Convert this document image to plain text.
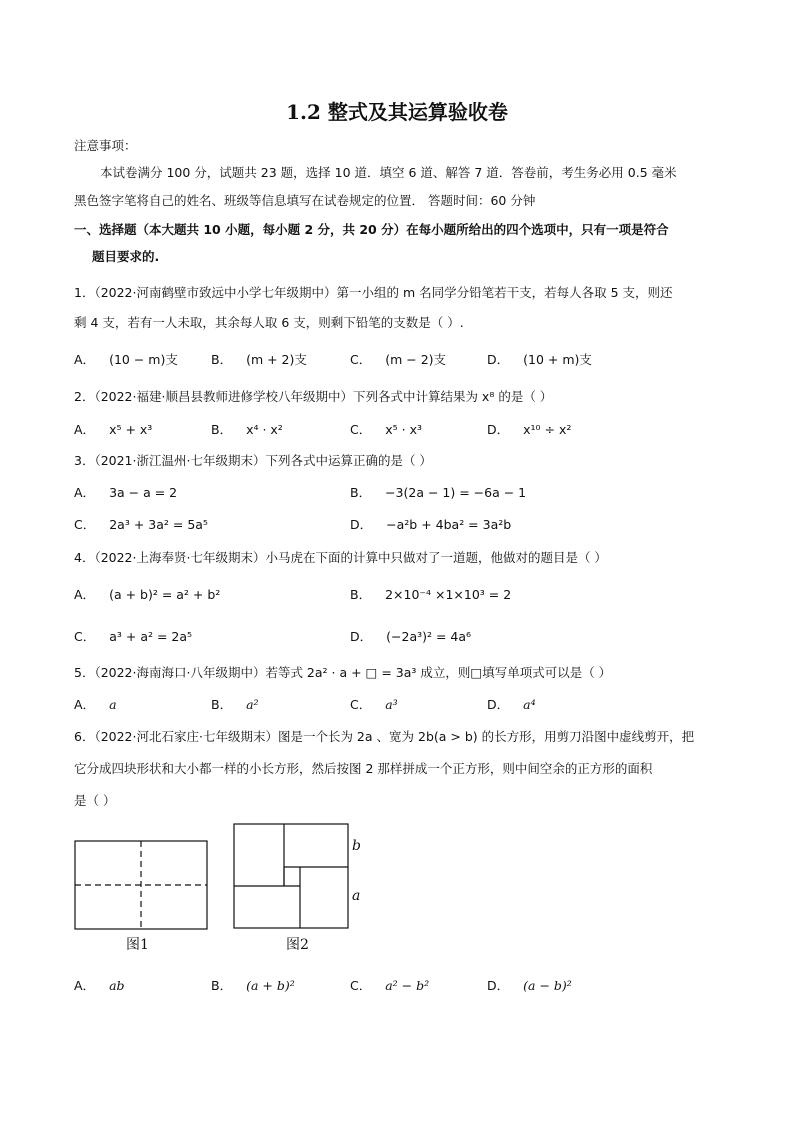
1.2 整式及其运算验收卷
注意事项：
本试卷满分 100 分，试题共 23 题，选择 10 道．填空 6 道、解答 7 道．答卷前，考生务必用 0.5 毫米
黑色签字笔将自己的姓名、班级等信息填写在试卷规定的位置． 答题时间：60 分钟
一、选择题（本大题共 10 小题，每小题 2 分，共 20 分）在每小题所给出的四个选项中，只有一项是符合
题目要求的.
1．（2022·河南鹤壁市致远中小学七年级期中）第一小组的 m 名同学分铅笔若干支，若每人各取 5 支，则还
剩 4 支，若有一人未取，其余每人取 6 支，则剩下铅笔的支数是（ ）.
A． (10 − m)支	B． (m + 2)支	C． (m − 2)支	D． (10 + m)支
2．（2022·福建·顺昌县教师进修学校八年级期中）下列各式中计算结果为 x⁸ 的是（ ）
A． x⁵ + x³	B． x⁴ · x²	C． x⁵ · x³	D． x¹⁰ ÷ x²
3．（2021·浙江温州·七年级期末）下列各式中运算正确的是（ ）
A． 3a − a = 2	B． −3(2a − 1) = −6a − 1
C． 2a³ + 3a² = 5a⁵	D． −a²b + 4ba² = 3a²b
4．（2022·上海奉贤·七年级期末）小马虎在下面的计算中只做对了一道题，他做对的题目是（ ）
A． (a + b)² = a² + b²	B． 2×10⁻⁴ ×1×10³ = 2
C． a³ + a² = 2a⁵	D． (−2a³)² = 4a⁶
5．（2022·海南海口·八年级期中）若等式 2a² · a + □ = 3a³ 成立，则□填写单项式可以是（ ）
A． a	B． a²	C． a³	D． a⁴
6．（2022·河北石家庄·七年级期末）图是一个长为 2a 、宽为 2b(a > b) 的长方形，用剪刀沿图中虚线剪开，把
它分成四块形状和大小都一样的小长方形，然后按图 2 那样拼成一个正方形，则中间空余的正方形的面积
是（ ）
图1
b
a
图2
A． ab	B． (a + b)²	C． a² − b²	D． (a − b)²
